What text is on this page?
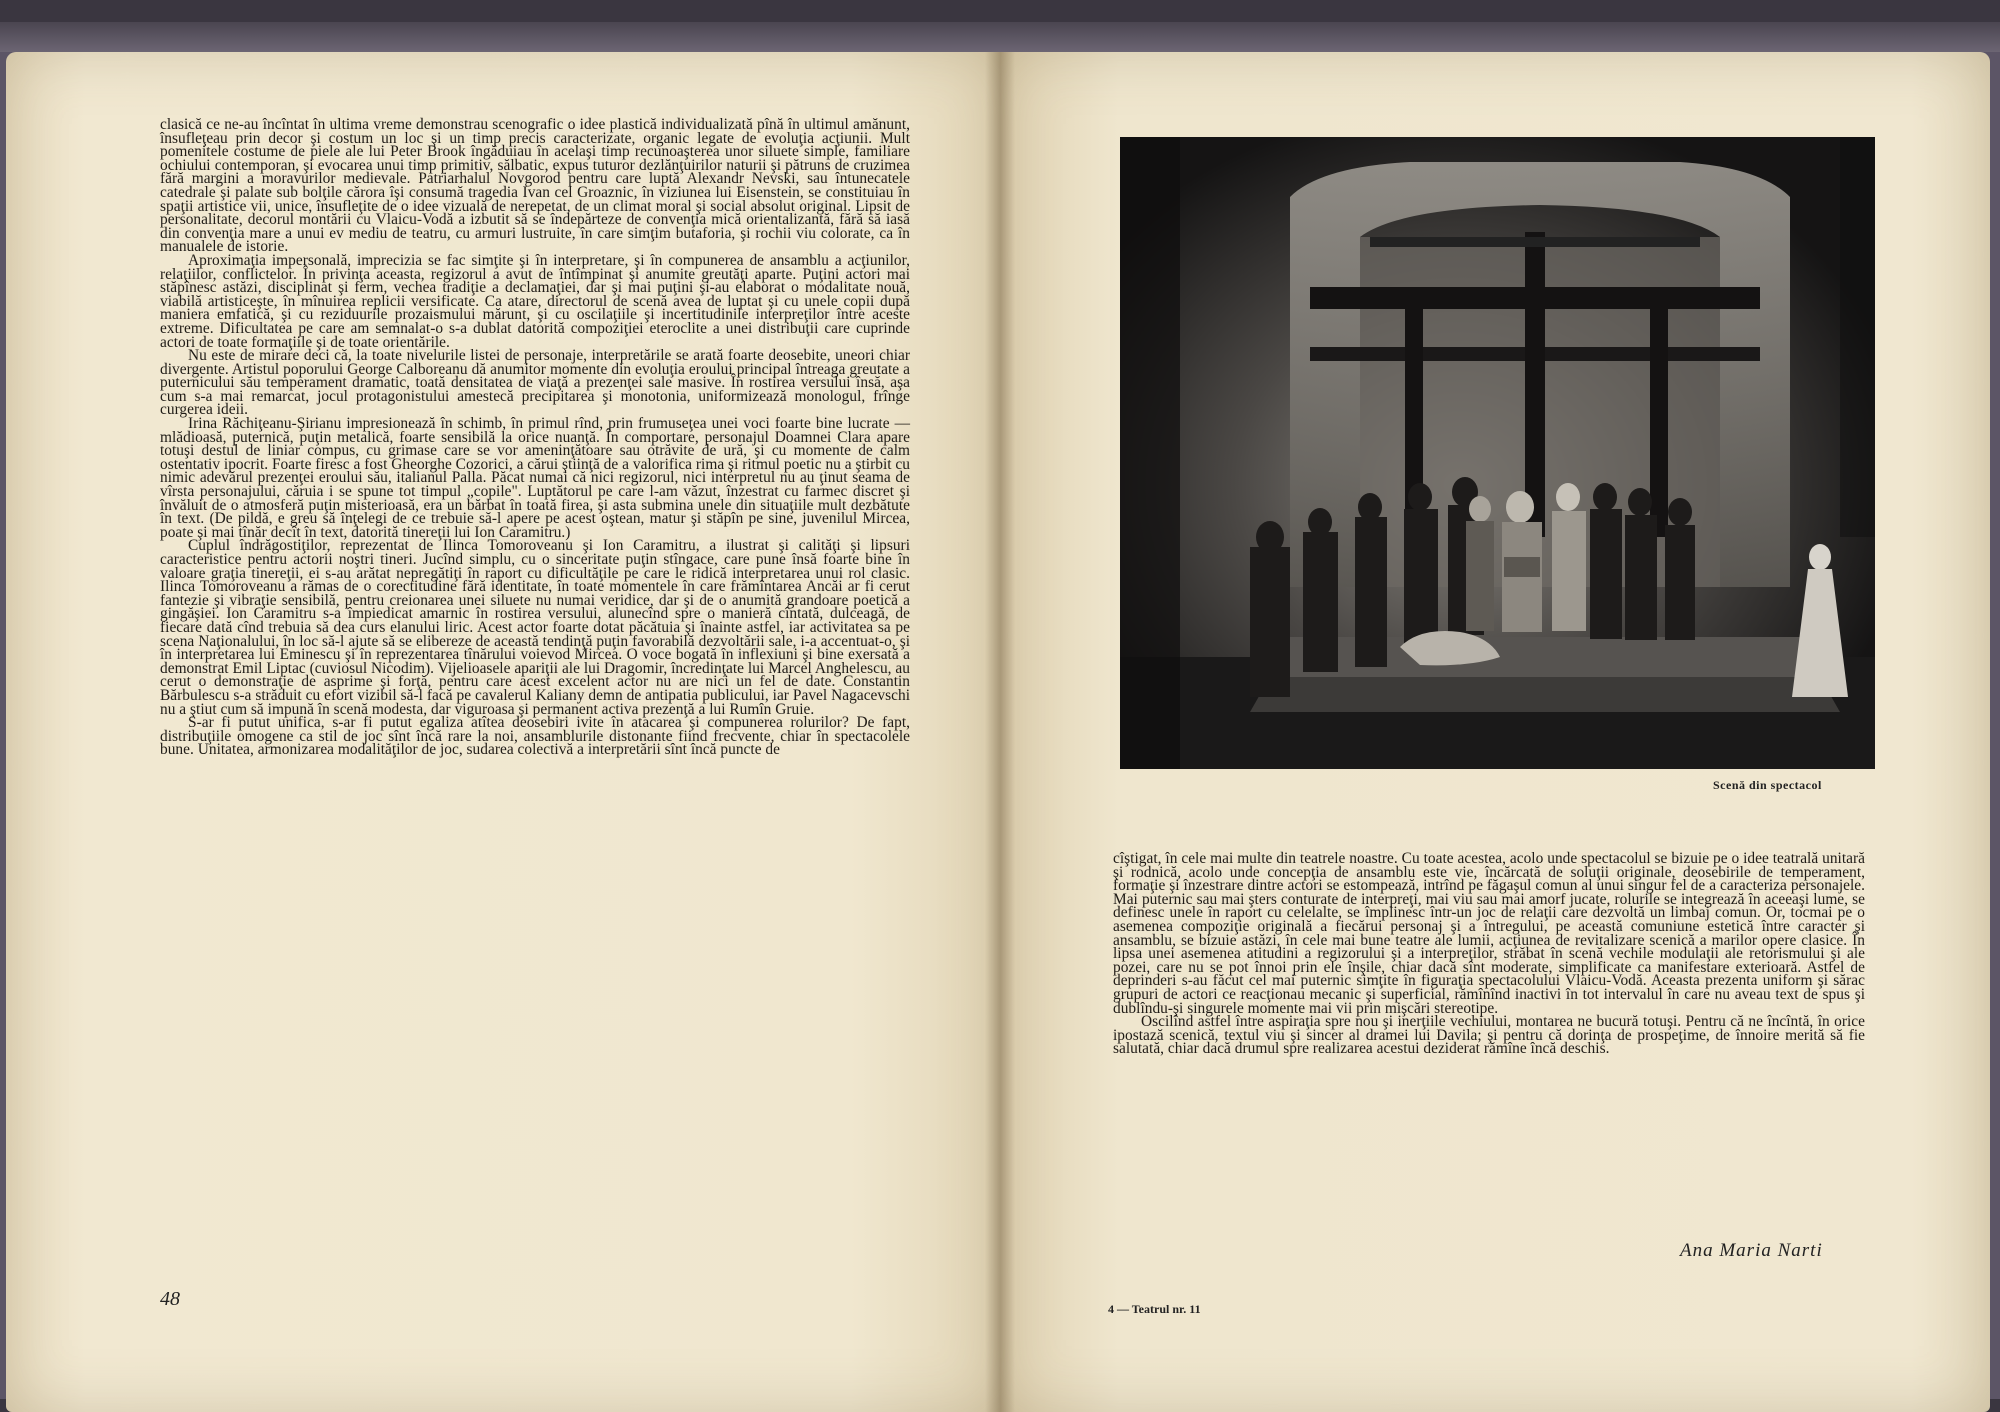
clasică ce ne-au încîntat în ultima vreme demonstrau scenografic o idee plastică individualizată pînă în ultimul amănunt, însufleţeau prin decor şi costum un loc şi un timp precis caracterizate, organic legate de evoluţia acţiunii. Mult pomenitele costume de piele ale lui Peter Brook îngăduiau în acelaşi timp recunoaşterea unor siluete simple, familiare ochiului contemporan, şi evocarea unui timp primitiv, sălbatic, expus tuturor dezlănţuirilor naturii şi pătruns de cruzimea fără margini a moravurilor medievale. Patriarhalul Novgorod pentru care luptă Alexandr Nevski, sau întunecatele catedrale şi palate sub bolţile cărora îşi consumă tragedia Ivan cel Groaznic, în viziunea lui Eisenstein, se constituiau în spaţii artistice vii, unice, însufleţite de o idee vizuală de nerepetat, de un climat moral şi social absolut original. Lipsit de personalitate, decorul montării cu Vlaicu-Vodă a izbutit să se îndepărteze de convenţia mică orientalizantă, fără să iasă din convenţia mare a unui ev mediu de teatru, cu armuri lustruite, în care simţim butaforia, şi rochii viu colorate, ca în manualele de istorie.

Aproximaţia impersonală, imprecizia se fac simţite şi în interpretare, şi în compunerea de ansamblu a acţiunilor, relaţiilor, conflictelor. În privinţa aceasta, regizorul a avut de întîmpinat şi anumite greutăţi aparte. Puţini actori mai stăpînesc astăzi, disciplinat şi ferm, vechea tradiţie a declamaţiei, dar şi mai puţini şi-au elaborat o modalitate nouă, viabilă artisticeşte, în mînuirea replicii versificate. Ca atare, directorul de scenă avea de luptat şi cu unele copii după maniera emfatică, şi cu reziduurile prozaismului mărunt, şi cu oscilaţiile şi incertitudinile interpreţilor între aceste extreme. Dificultatea pe care am semnalat-o s-a dublat datorită compoziţiei eteroclite a unei distribuţii care cuprinde actori de toate formaţiile şi de toate orientările.

Nu este de mirare deci că, la toate nivelurile listei de personaje, interpretările se arată foarte deosebite, uneori chiar divergente. Artistul poporului George Calboreanu dă anumitor momente din evoluţia eroului principal întreaga greutate a puternicului său temperament dramatic, toată densitatea de viaţă a prezenţei sale masive. În rostirea versului însă, aşa cum s-a mai remarcat, jocul protagonistului amestecă precipitarea şi monotonia, uniformizează monologul, frînge curgerea ideii.

Irina Răchiţeanu-Şirianu impresionează în schimb, în primul rînd, prin frumuseţea unei voci foarte bine lucrate — mlădioasă, puternică, puţin metalică, foarte sensibilă la orice nuanţă. În comportare, personajul Doamnei Clara apare totuşi destul de liniar compus, cu grimase care se vor ameninţătoare sau otrăvite de ură, şi cu momente de calm ostentativ ipocrit. Foarte firesc a fost Gheorghe Cozorici, a cărui ştiinţă de a valorifica rima şi ritmul poetic nu a ştirbit cu nimic adevărul prezenţei eroului său, italianul Palla. Păcat numai că nici regizorul, nici interpretul nu au ţinut seama de vîrsta personajului, căruia i se spune tot timpul „copile". Luptătorul pe care l-am văzut, înzestrat cu farmec discret şi învăluit de o atmosferă puţin misterioasă, era un bărbat în toată firea, şi asta submina unele din situaţiile mult dezbătute în text. (De pildă, e greu să înţelegi de ce trebuie să-l apere pe acest oştean, matur şi stăpîn pe sine, juvenilul Mircea, poate şi mai tînăr decît în text, datorită tinereţii lui Ion Caramitru.)

Cuplul îndrăgostiţilor, reprezentat de Ilinca Tomoroveanu şi Ion Caramitru, a ilustrat şi calităţi şi lipsuri caracteristice pentru actorii noştri tineri. Jucînd simplu, cu o sinceritate puţin stîngace, care pune însă foarte bine în valoare graţia tinereţii, ei s-au arătat nepregătiţi în raport cu dificultăţile pe care le ridică interpretarea unui rol clasic. Ilinca Tomoroveanu a rămas de o corectitudine fără identitate, în toate momentele în care frămîntarea Ancăi ar fi cerut fantezie şi vibraţie sensibilă, pentru creionarea unei siluete nu numai veridice, dar şi de o anumită grandoare poetică a gingăşiei. Ion Caramitru s-a împiedicat amarnic în rostirea versului, alunecînd spre o manieră cîntată, dulceagă, de fiecare dată cînd trebuia să dea curs elanului liric. Acest actor foarte dotat păcătuia şi înainte astfel, iar activitatea sa pe scena Naţionalului, în loc să-l ajute să se elibereze de această tendinţă puţin favorabilă dezvoltării sale, i-a accentuat-o, şi în interpretarea lui Eminescu şi în reprezentarea tînărului voievod Mircea. O voce bogată în inflexiuni şi bine exersată a demonstrat Emil Liptac (cuviosul Nicodim). Vijelioasele apariţii ale lui Dragomir, încredinţate lui Marcel Anghelescu, au cerut o demonstraţie de asprime şi forţă, pentru care acest excelent actor nu are nici un fel de date. Constantin Bărbulescu s-a străduit cu efort vizibil să-l facă pe cavalerul Kaliany demn de antipatia publicului, iar Pavel Nagacevschi nu a ştiut cum să impună în scenă modesta, dar viguroasa şi permanent activa prezenţă a lui Rumîn Gruie.

S-ar fi putut unifica, s-ar fi putut egaliza atîtea deosebiri ivite în atacarea şi compunerea rolurilor? De fapt, distribuţiile omogene ca stil de joc sînt încă rare la noi, ansamblurile distonante fiind frecvente, chiar în spectacolele bune. Unitatea, armonizarea modalităţilor de joc, sudarea colectivă a interpretării sînt încă puncte de

48
Scenă din spectacol

cîştigat, în cele mai multe din teatrele noastre. Cu toate acestea, acolo unde spectacolul se bizuie pe o idee teatrală unitară şi rodnică, acolo unde concepţia de ansamblu este vie, încărcată de soluţii originale, deosebirile de temperament, formaţie şi înzestrare dintre actori se estompează, intrînd pe făgaşul comun al unui singur fel de a caracteriza personajele. Mai puternic sau mai şters conturate de interpreţi, mai viu sau mai amorf jucate, rolurile se integrează în aceeaşi lume, se definesc unele în raport cu celelalte, se împlinesc într-un joc de relaţii care dezvoltă un limbaj comun. Or, tocmai pe o asemenea compoziţie originală a fiecărui personaj şi a întregului, pe această comuniune estetică între caracter şi ansamblu, se bizuie astăzi, în cele mai bune teatre ale lumii, acţiunea de revitalizare scenică a marilor opere clasice. În lipsa unei asemenea atitudini a regizorului şi a interpreţilor, străbat în scenă vechile modulaţii ale retorismului şi ale pozei, care nu se pot înnoi prin ele înşile, chiar dacă sînt moderate, simplificate ca manifestare exterioară. Astfel de deprinderi s-au făcut cel mai puternic simţite în figuraţia spectacolului Vlaicu-Vodă. Aceasta prezenta uniform şi sărac grupuri de actori ce reacţionau mecanic şi superficial, rămînînd inactivi în tot intervalul în care nu aveau text de spus şi dublîndu-şi singurele momente mai vii prin mişcări stereotipe.

Oscilînd astfel între aspiraţia spre nou şi inerţiile vechiului, montarea ne bucură totuşi. Pentru că ne încîntă, în orice ipostază scenică, textul viu şi sincer al dramei lui Davila; şi pentru că dorinţa de prospeţime, de înnoire merită să fie salutată, chiar dacă drumul spre realizarea acestui deziderat rămîne încă deschis.

Ana Maria Narti
4 — Teatrul nr. 11
